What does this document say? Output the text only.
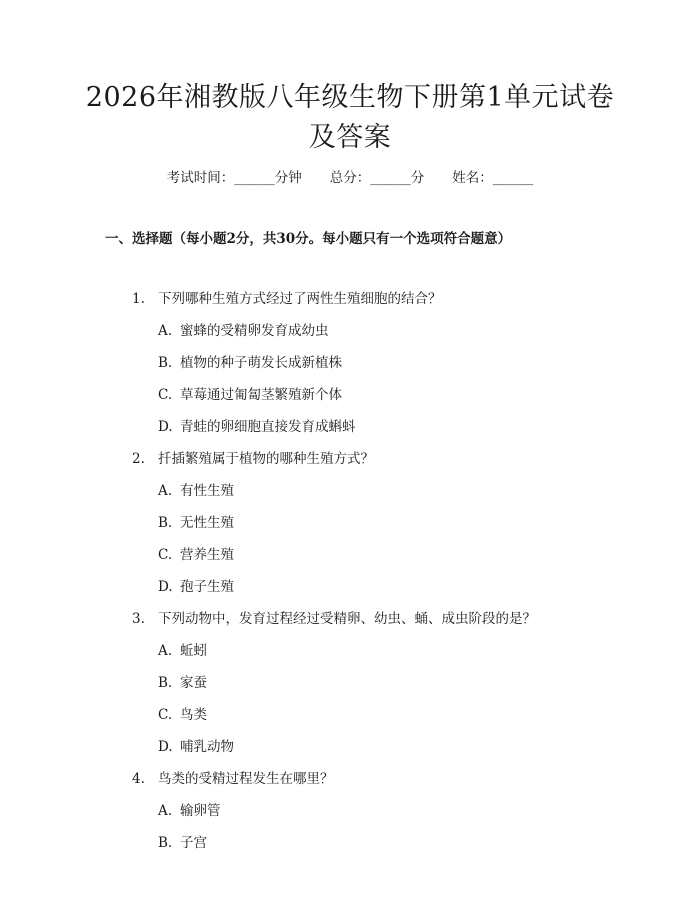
2026年湘教版八年级生物下册第1单元试卷
及答案
考试时间：______分钟 总分：______分 姓名：______
一、选择题（每小题2分，共30分。每小题只有一个选项符合题意）
1. 下列哪种生殖方式经过了两性生殖细胞的结合？
A. 蜜蜂的受精卵发育成幼虫
B. 植物的种子萌发长成新植株
C. 草莓通过匍匐茎繁殖新个体
D. 青蛙的卵细胞直接发育成蝌蚪
2. 扦插繁殖属于植物的哪种生殖方式？
A. 有性生殖
B. 无性生殖
C. 营养生殖
D. 孢子生殖
3. 下列动物中，发育过程经过受精卵、幼虫、蛹、成虫阶段的是？
A. 蚯蚓
B. 家蚕
C. 鸟类
D. 哺乳动物
4. 鸟类的受精过程发生在哪里？
A. 输卵管
B. 子宫
